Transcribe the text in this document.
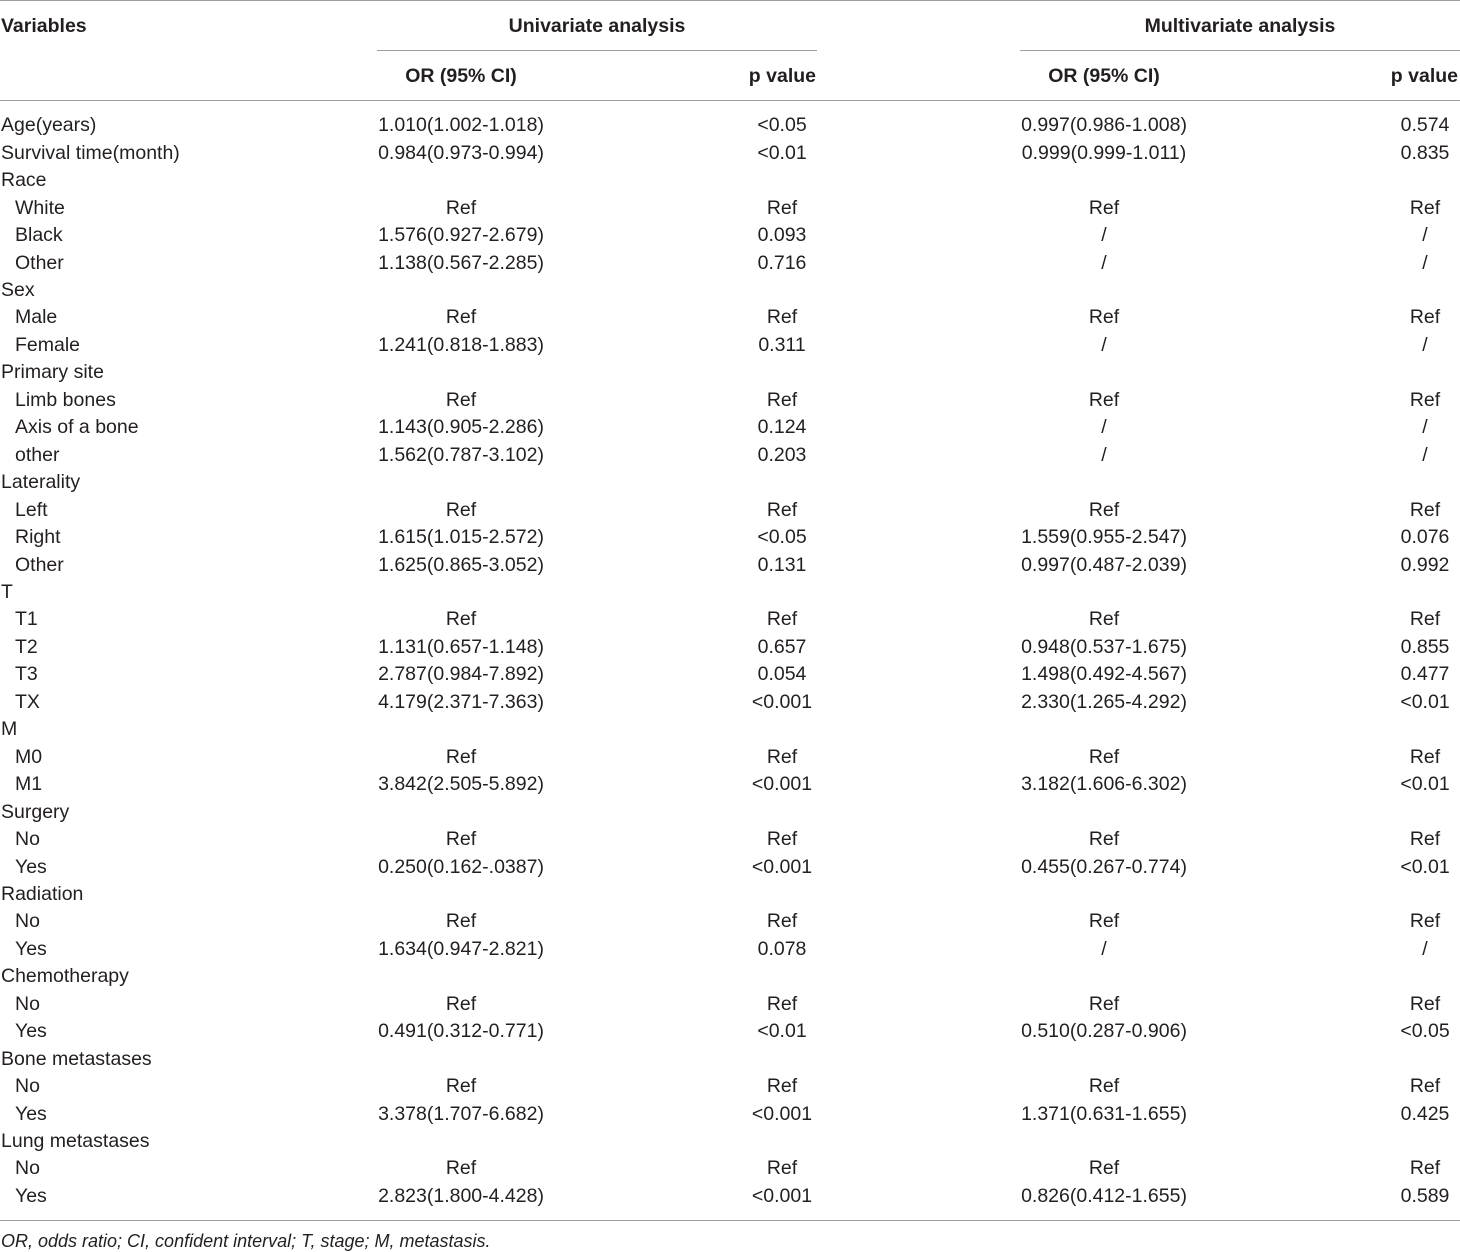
Variables	Univariate analysis	Multivariate analysis
OR (95% CI)	p value	OR (95% CI)	p value
Age(years)	1.010(1.002-1.018)	<0.05	0.997(0.986-1.008)	0.574
Survival time(month)	0.984(0.973-0.994)	<0.01	0.999(0.999-1.011)	0.835
Race
White	Ref	Ref	Ref	Ref
Black	1.576(0.927-2.679)	0.093	/	/
Other	1.138(0.567-2.285)	0.716	/	/
Sex
Male	Ref	Ref	Ref	Ref
Female	1.241(0.818-1.883)	0.311	/	/
Primary site
Limb bones	Ref	Ref	Ref	Ref
Axis of a bone	1.143(0.905-2.286)	0.124	/	/
other	1.562(0.787-3.102)	0.203	/	/
Laterality
Left	Ref	Ref	Ref	Ref
Right	1.615(1.015-2.572)	<0.05	1.559(0.955-2.547)	0.076
Other	1.625(0.865-3.052)	0.131	0.997(0.487-2.039)	0.992
T
T1	Ref	Ref	Ref	Ref
T2	1.131(0.657-1.148)	0.657	0.948(0.537-1.675)	0.855
T3	2.787(0.984-7.892)	0.054	1.498(0.492-4.567)	0.477
TX	4.179(2.371-7.363)	<0.001	2.330(1.265-4.292)	<0.01
M
M0	Ref	Ref	Ref	Ref
M1	3.842(2.505-5.892)	<0.001	3.182(1.606-6.302)	<0.01
Surgery
No	Ref	Ref	Ref	Ref
Yes	0.250(0.162-.0387)	<0.001	0.455(0.267-0.774)	<0.01
Radiation
No	Ref	Ref	Ref	Ref
Yes	1.634(0.947-2.821)	0.078	/	/
Chemotherapy
No	Ref	Ref	Ref	Ref
Yes	0.491(0.312-0.771)	<0.01	0.510(0.287-0.906)	<0.05
Bone metastases
No	Ref	Ref	Ref	Ref
Yes	3.378(1.707-6.682)	<0.001	1.371(0.631-1.655)	0.425
Lung metastases
No	Ref	Ref	Ref	Ref
Yes	2.823(1.800-4.428)	<0.001	0.826(0.412-1.655)	0.589
OR, odds ratio; CI, confident interval; T, stage; M, metastasis.
